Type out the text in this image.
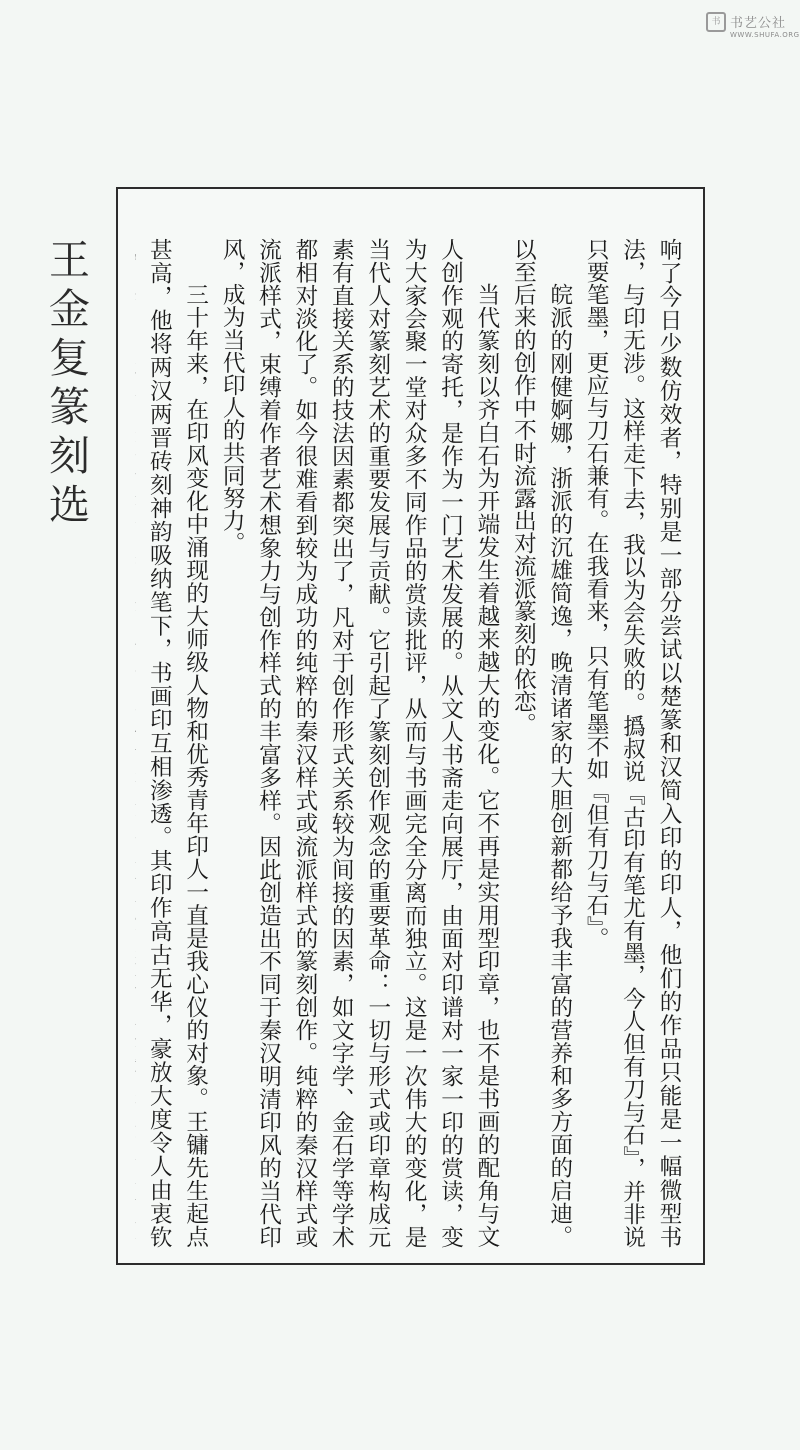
书 书艺公社
WWW.SHUFA.ORG
王金复篆刻选	响了今日少数仿效者，特别是一部分尝试以楚篆和汉简入印的印人，他们的作品只能是一幅微型书法，与印无涉。这样走下去，我以为会失败的。撝叔说『古印有笔尤有墨，今人但有刀与石』，并非说只要笔墨，更应与刀石兼有。在我看来，只有笔墨不如『但有刀与石』。

皖派的刚健婀娜，浙派的沉雄简逸，晚清诸家的大胆创新都给予我丰富的营养和多方面的启迪。以至后来的创作中不时流露出对流派篆刻的依恋。

当代篆刻以齐白石为开端发生着越来越大的变化。它不再是实用型印章，也不是书画的配角与文人创作观的寄托，是作为一门艺术发展的。从文人书斋走向展厅，由面对印谱对一家一印的赏读，变为大家会聚一堂对众多不同作品的赏读批评，从而与书画完全分离而独立。这是一次伟大的变化，是当代人对篆刻艺术的重要发展与贡献。它引起了篆刻创作观念的重要革命：一切与形式或印章构成元素有直接关系的技法因素都突出了，凡对于创作形式关系较为间接的因素，如文字学、金石学等学术都相对淡化了。如今很难看到较为成功的纯粹的秦汉样式或流派样式的篆刻创作。纯粹的秦汉样式或流派样式，束缚着作者艺术想象力与创作样式的丰富多样。因此创造出不同于秦汉明清印风的当代印风，成为当代印人的共同努力。

三十年来，在印风变化中涌现的大师级人物和优秀青年印人一直是我心仪的对象。王镛先生起点甚高，他将两汉两晋砖刻神韵吸纳笔下，书画印互相渗透。其印作高古无华，豪放大度令人由衷钦
